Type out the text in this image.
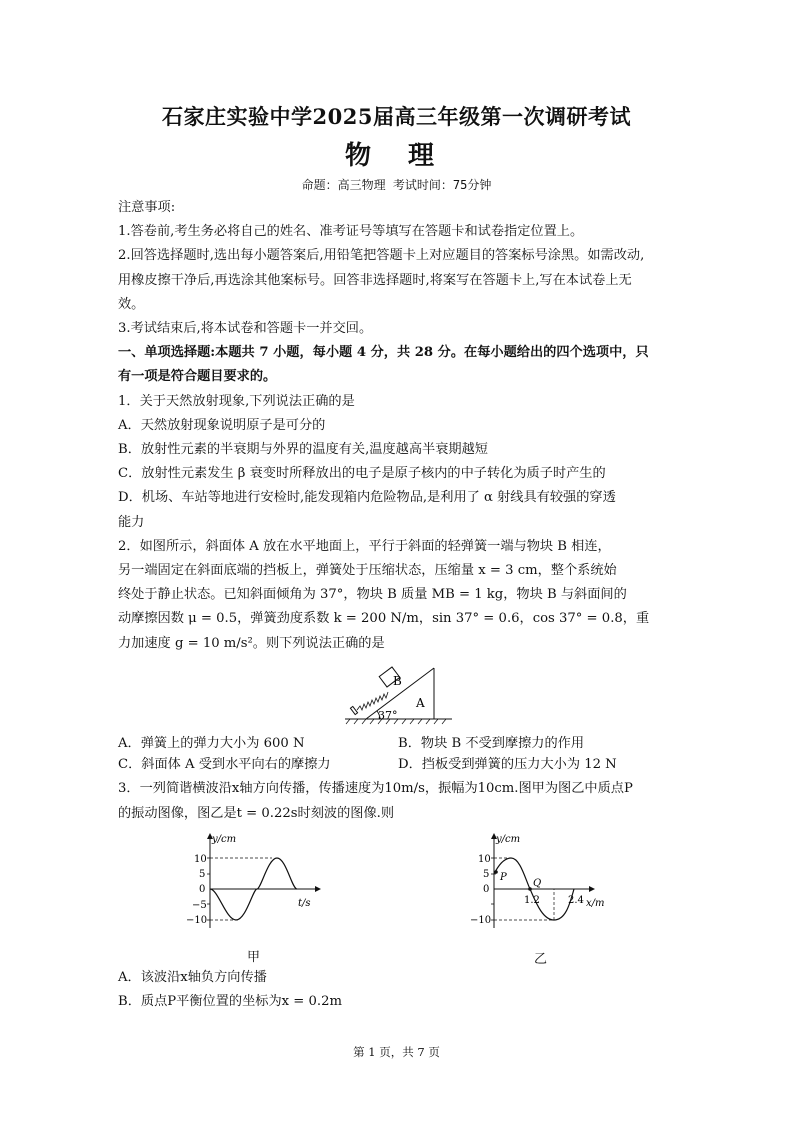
石家庄实验中学2025届高三年级第一次调研考试
物 理
命题：高三物理 考试时间：75分钟
注意事项:
1.答卷前,考生务必将自己的姓名、准考证号等填写在答题卡和试卷指定位置上。
2.回答选择题时,选出每小题答案后,用铅笔把答题卡上对应题目的答案标号涂黑。如需改动,
用橡皮擦干净后,再选涂其他案标号。回答非选择题时,将案写在答题卡上,写在本试卷上无
效。
3.考试结束后,将本试卷和答题卡一并交回。
一、单项选择题:本题共 7 小题，每小题 4 分，共 28 分。在每小题给出的四个选项中，只
有一项是符合题目要求的。
1．关于天然放射现象,下列说法正确的是
A．天然放射现象说明原子是可分的
B．放射性元素的半衰期与外界的温度有关,温度越高半衰期越短
C．放射性元素发生 β 衰变时所释放出的电子是原子核内的中子转化为质子时产生的
D．机场、车站等地进行安检时,能发现箱内危险物品,是利用了 α 射线具有较强的穿透
能力
2．如图所示，斜面体 A 放在水平地面上，平行于斜面的轻弹簧一端与物块 B 相连，
另一端固定在斜面底端的挡板上，弹簧处于压缩状态，压缩量 x = 3 cm，整个系统始
终处于静止状态。已知斜面倾角为 37°，物块 B 质量 MB = 1 kg，物块 B 与斜面间的
动摩擦因数 μ = 0.5，弹簧劲度系数 k = 200 N/m，sin 37° = 0.6，cos 37° = 0.8，重
力加速度 g = 10 m/s²。则下列说法正确的是
B
A
37°
A．弹簧上的弹力大小为 600 N	B．物块 B 不受到摩擦力的作用
C．斜面体 A 受到水平向右的摩擦力	D．挡板受到弹簧的压力大小为 12 N
3．一列简谐横波沿x轴方向传播，传播速度为10m/s，振幅为10cm.图甲为图乙中质点P
的振动图像，图乙是t = 0.22s时刻波的图像.则
y/cm
t/s
10
5
0
−5
−10
甲
y/cm
x/m
10
5
0
−10
1.2	2.4
P
Q
乙
A．该波沿x轴负方向传播
B．质点P平衡位置的坐标为x = 0.2m
第 1 页，共 7 页
